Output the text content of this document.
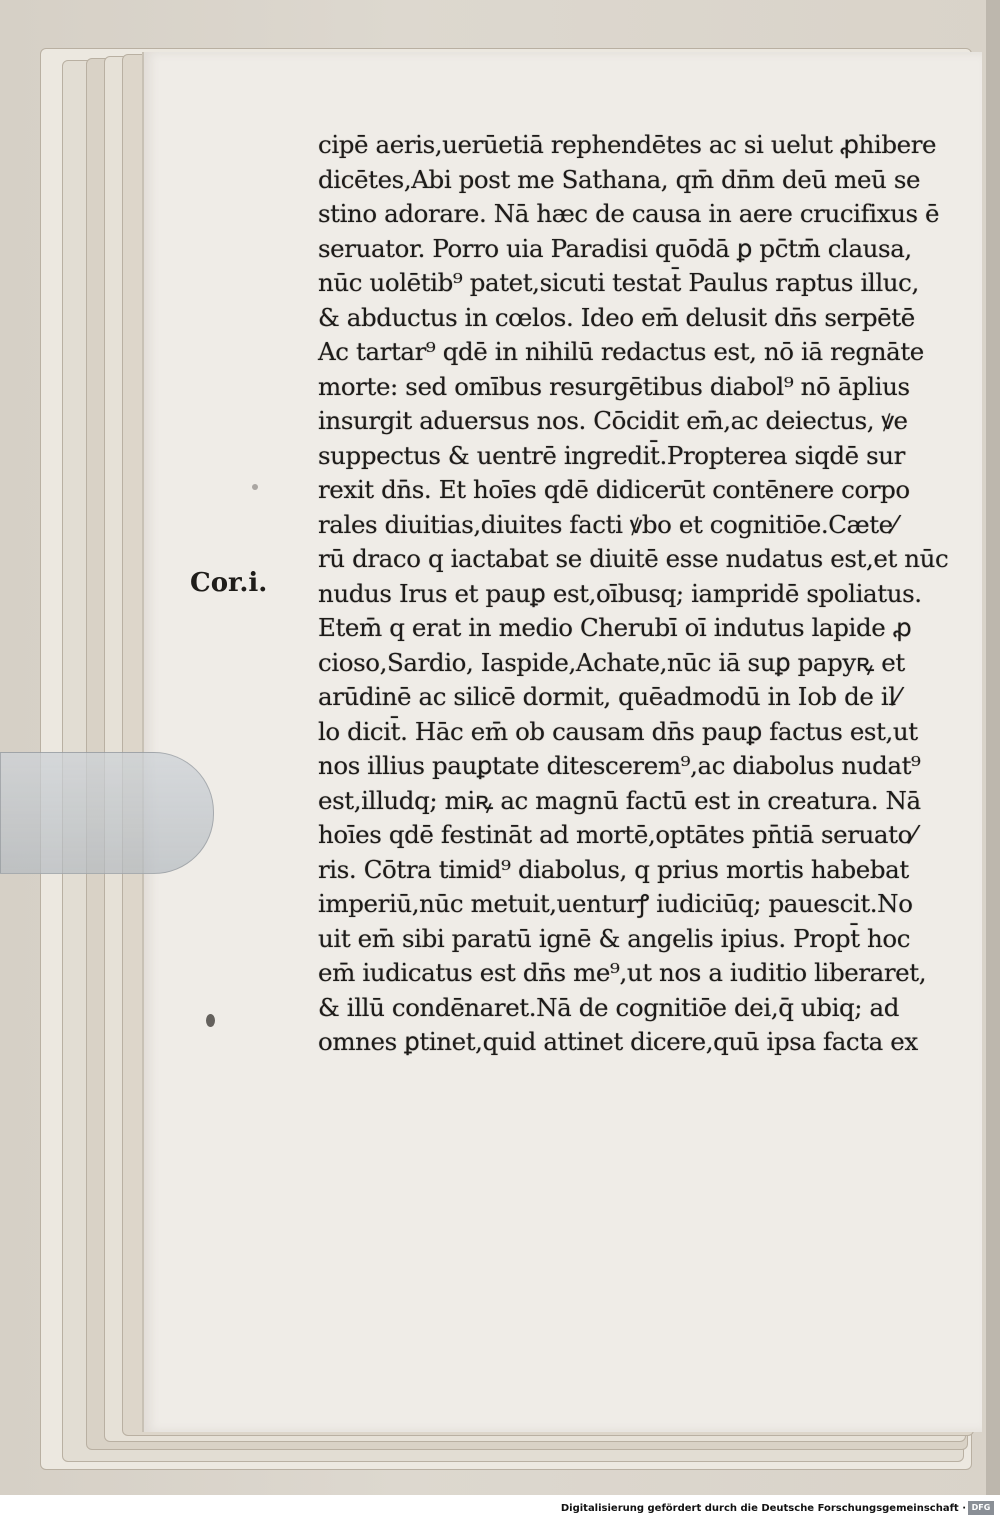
Cor.i.
cipē aeris,uerūetiā rephendētes ac si uelut ꝓhibere
dicētes,Abi post me Sathana, qm̄ dn̄m deū meū se
stino adorare. Nā hæc de causa in aere crucifixus ē
seruator. Porro uia Paradisi quōdā ꝑ pc̄tm̄ clausa,
nūc uolētib⁹ patet,sicuti testat̄ Paulus raptus illuc,
& abductus in cœlos. Ideo em̄ delusit dn̄s serpētē
Ac tartar⁹ qdē in nihilū redactus est, nō iā regnāte
morte: sed omībus resurgētibus diabol⁹ nō āplius
insurgit aduersus nos. Cōcidit em̄,ac deiectus, ꝟe
suppectus & uentrē ingredit̄.Propterea siqdē sur
rexit dn̄s. Et hoīes qdē didicerūt contēnere corpo
rales diuitias,diuites facti ꝟbo et cognitiōe.Cæte⁄
rū draco q iactabat se diuitē esse nudatus est,et nūc
nudus Irus et pauꝑ est,oībusq; iampridē spoliatus.
Etem̄ q erat in medio Cherubī oī indutus lapide ꝓ
cioso,Sardio, Iaspide,Achate,nūc iā suꝑ papyꝶ et
arūdinē ac silicē dormit, quēadmodū in Iob de il⁄
lo dicit̄. Hāc em̄ ob causam dn̄s pauꝑ factus est,ut
nos illius pauꝑtate ditescerem⁹,ac diabolus nudat⁹
est,illudq; miꝶ ac magnū factū est in creatura. Nā
hoīes qdē festināt ad mortē,optātes pn̄tiā seruato⁄
ris. Cōtra timid⁹ diabolus, q prius mortis habebat
imperiū,nūc metuit,uenturꝭ iudiciūq; pauescit.No
uit em̄ sibi paratū ignē & angelis ipius. Propt̄ hoc
em̄ iudicatus est dn̄s me⁹,ut nos a iuditio liberaret,
& illū condēnaret.Nā de cognitiōe dei,q̄ ubiq; ad
omnes ꝑtinet,quid attinet dicere,quū ipsa facta ex
Digitalisierung gefördert durch die Deutsche Forschungsgemeinschaft · DFG
